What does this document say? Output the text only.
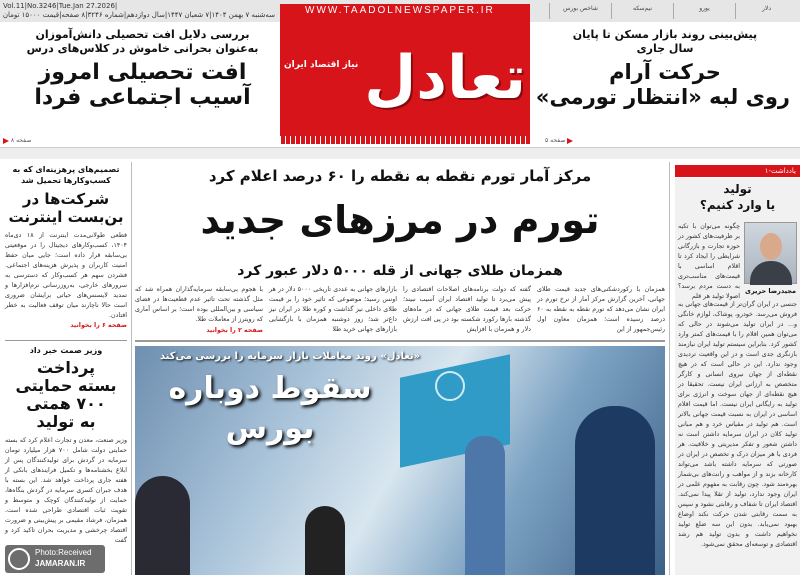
Vol.11|No.3246|Tue.Jan 27.2026|
سه‌شنبه ۷ بهمن ۱۴۰۴|۷ شعبان ۱۴۴۷|سال دوازدهم|شماره ۳۲۴۶|۸ صفحه|قیمت ۱۵۰۰۰ تومان
دلار
یورو
نیم‌سکه
شاخص بورس
WWW.TAADOLNEWSPAPER.IR
تعادل
نیاز اقتصاد ایران
بررسی دلایل افت تحصیلی دانش‌آموزان به‌عنوان بحرانی خاموش در کلاس‌های درس
افت تحصیلی امروز
آسیب اجتماعی فردا
صفحه ۸
پیش‌بینی روند بازار مسکن تا پایان سال جاری
حرکت آرام
روی لبه «انتظار تورمی»
صفحه ۵
مرکز آمار تورم نقطه به نقطه را ۶۰ درصد اعلام کرد
تورم در مرزهای جدید
همزمان طلای جهانی از قله ۵۰۰۰ دلار عبور کرد
همزمان با رکوردشکنی‌های جدید قیمت طلای جهانی، آخرین گزارش مرکز آمار از نرخ تورم در ایران نشان می‌دهد که تورم نقطه به نقطه به ۶۰ درصد رسیده است؛ همزمان معاون اول رئیس‌جمهور از این
گفته که دولت برنامه‌های اصلاحات اقتصادی را پیش می‌برد تا تولید اقتصاد ایران آسیب نبیند؛ حرکت بعد قیمت طلای جهانی که در ماه‌های گذشته بارها رکورد شکسته بود در پی افت ارزش دلار و همزمان با افزایش
بازارهای جهانی به عددی تاریخی ۵۰۰۰ دلار در هر اونس رسید؛ موضوعی که تاثیر خود را بر قیمت طلای داخلی نیز گذاشت و کوره طلا در ایران نیز داغ‌تر شد؛ روز دوشنبه همزمان با بازگشایی بازارهای جهانی خرید طلا
با هجوم بی‌سابقه سرمایه‌گذاران همراه شد که مثل گذشته تحت تاثیر عدم قطعیت‌ها در فضای سیاسی و بین‌المللی بوده است؛ بر اساس آماری که رویترز از معاملات طلا.
صفحه ۲ را بخوانید
«تعادل» روند معاملات بازار سرمایه را بررسی می‌کند
سقوط دوباره
بورس
تصمیم‌های پرهزینه‌ای که به کسب‌وکارها تحمیل شد
شرکت‌ها در
بن‌بست اینترنت
قطعی طولانی‌مدت اینترنت از ۱۸ دی‌ماه ۱۴۰۴، کسب‌وکارهای دیجیتال را در موقعیتی بی‌سابقه قرار داده است؛ جایی میان حفظ امنیت کاربران و پذیرش هزینه‌های اجتماعی. فشردن سهم هر کسب‌وکار که دسترسی به سرورهای خارجی، به‌روزرسانی نرم‌افزارها و تمدید لایسنس‌های حیاتی برایشان ضروری است حالا ناچارند میان توقف فعالیت به خطر افتادن.
صفحه ۶ را بخوانید
وزیر صمت خبر داد
پرداخت
بسته حمایتی
۷۰۰ همتی
به تولید
وزیر صنعت، معدن و تجارت اعلام کرد که بسته حمایتی دولت شامل ۷۰۰ هزار میلیارد تومان سرمایه در گردش برای تولیدکنندگان پس از ابلاغ بخشنامه‌ها و تکمیل فرایندهای بانکی از هفته جاری پرداخت خواهد شد. این بسته با هدف جبران کسری سرمایه در گردش بنگاه‌ها، حمایت از تولیدکنندگان کوچک و متوسط و تقویت ثبات اقتصادی طراحی شده است. همزمان، فرشاد مقیمی بر پیش‌بینی و ضرورت اقتصاد چرخشی و مدیریت بحران تاکید کرد و گفت
Photo:Received
JAMARAN.IR
یادداشت-۱
تولید
یا وارد کنیم؟
مجیدرضا حریری
چگونه می‌توان با تکیه بر ظرفیت‌های کشور در حوزه تجارت و بازرگانی شرایطی را ایجاد کرد تا اقلام اساسی با قیمت‌های مناسب‌تری به دست مردم برسد؟ اصولا تولید هر قلم
جنسی در ایران گران‌تر از قیمت‌های جهانی به فروش می‌رسد. خودرو، پوشاک، لوازم خانگی و... در ایران تولید می‌شوند در حالی که می‌توان همین اقلام را با قیمت‌های کمتر وارد کشور کرد. بنابراین سیستم تولید ایران نیازمند بازنگری جدی است و در این واقعیت تردیدی وجود ندارد. این در حالی است که در هیچ نقطه‌ای از جهان نیروی انسانی و کارگر متخصص به ارزانی ایران نیست. تحقیقا در هیچ نقطه‌ای از جهان سوخت و انرژی برای تولید به رایگانی ایران نیست. اما قیمت اقلام اساسی در ایران به نسبت قیمت جهانی بالاتر است. هم تولید در مقیاس خرد و هم مبانی تولید کلان در ایران سرمایه داشتن است نه داشتن شعور و تفکر مدیریتی و خلاقیت. هر فردی با هر میزان درک و تخصص در ایران در صورتی که سرمایه داشته باشد می‌تواند کارخانه بزند و از مواهب و رانت‌های بی‌شمار بهره‌مند شود. چون رقابت به مفهوم علمی در ایران وجود ندارد، تولید از تقلا پیدا نمی‌کند. اقتصاد ایران تا شفاف و رقابتی نشود و سپس به سمت رقابتی شدن حرکت نکند اوضاع بهبود نمی‌یابد. بدون این سه ضلع تولید نخواهیم داشت و بدون تولید هم رشد اقتصادی و توسعه‌ای محقق نمی‌شود.
